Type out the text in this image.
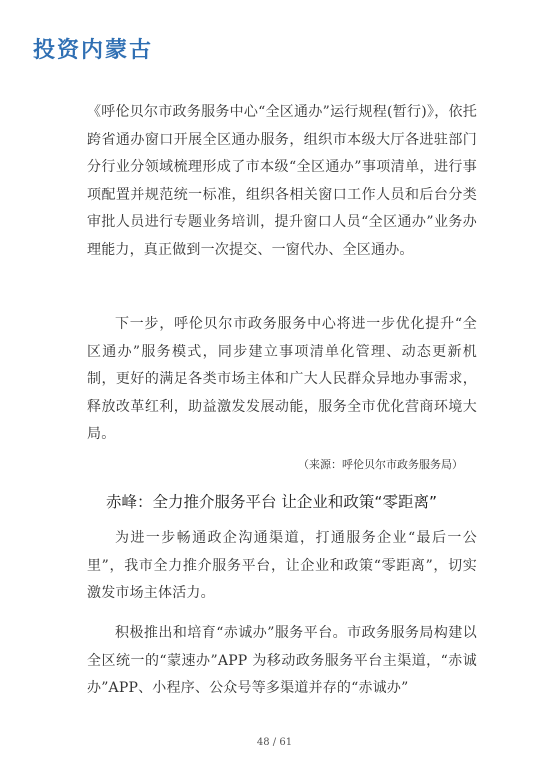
投资内蒙古

《呼伦贝尔市政务服务中心“全区通办”运行规程(暂行)》，依托跨省通办窗口开展全区通办服务，组织市本级大厅各进驻部门分行业分领域梳理形成了市本级“全区通办”事项清单，进行事项配置并规范统一标准，组织各相关窗口工作人员和后台分类审批人员进行专题业务培训，提升窗口人员“全区通办”业务办理能力，真正做到一次提交、一窗代办、全区通办。

下一步，呼伦贝尔市政务服务中心将进一步优化提升“全区通办”服务模式，同步建立事项清单化管理、动态更新机制，更好的满足各类市场主体和广大人民群众异地办事需求，释放改革红利，助益激发发展动能，服务全市优化营商环境大局。

（来源：呼伦贝尔市政务服务局）
赤峰：全力推介服务平台 让企业和政策“零距离”

为进一步畅通政企沟通渠道，打通服务企业“最后一公里”，我市全力推介服务平台，让企业和政策“零距离”，切实激发市场主体活力。

积极推出和培育“赤诚办”服务平台。市政务服务局构建以全区统一的“蒙速办”APP 为移动政务服务平台主渠道，“赤诚办”APP、小程序、公众号等多渠道并存的“赤诚办”

48 / 61
